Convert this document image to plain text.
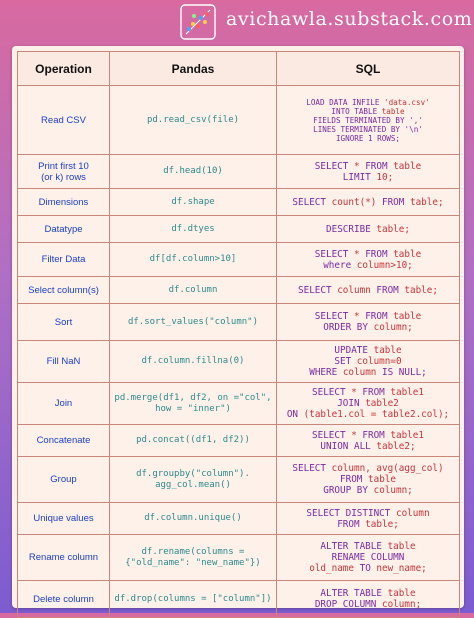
avichawla.substack.com
Operation	Pandas	SQL

Read CSV	pd.read_csv(file)	LOAD DATA INFILE 'data.csv'
INTO TABLE table
FIELDS TERMINATED BY ','
LINES TERMINATED BY '\n'
IGNORE 1 ROWS;

Print first 10
(or k) rows	df.head(10)	SELECT * FROM table
LIMIT 10;

Dimensions	df.shape	SELECT count(*) FROM table;

Datatype	df.dtyes	DESCRIBE table;

Filter Data	df[df.column>10]	SELECT * FROM table
where column>10;

Select column(s)	df.column	SELECT column FROM table;

Sort	df.sort_values("column")	SELECT * FROM table
ORDER BY column;

Fill NaN	df.column.fillna(0)	UPDATE table
SET column=0
WHERE column IS NULL;

Join	pd.merge(df1, df2, on ="col",
how = "inner")	SELECT * FROM table1
JOIN table2
ON (table1.col = table2.col);

Concatenate	pd.concat((df1, df2))	SELECT * FROM table1
UNION ALL table2;

Group	df.groupby("column").
agg_col.mean()	SELECT column, avg(agg_col)
FROM table
GROUP BY column;

Unique values	df.column.unique()	SELECT DISTINCT column
FROM table;

Rename column	df.rename(columns =
{"old_name": "new_name"})	ALTER TABLE table
RENAME COLUMN
old_name TO new_name;

Delete column	df.drop(columns = ["column"])	ALTER TABLE table
DROP COLUMN column;
